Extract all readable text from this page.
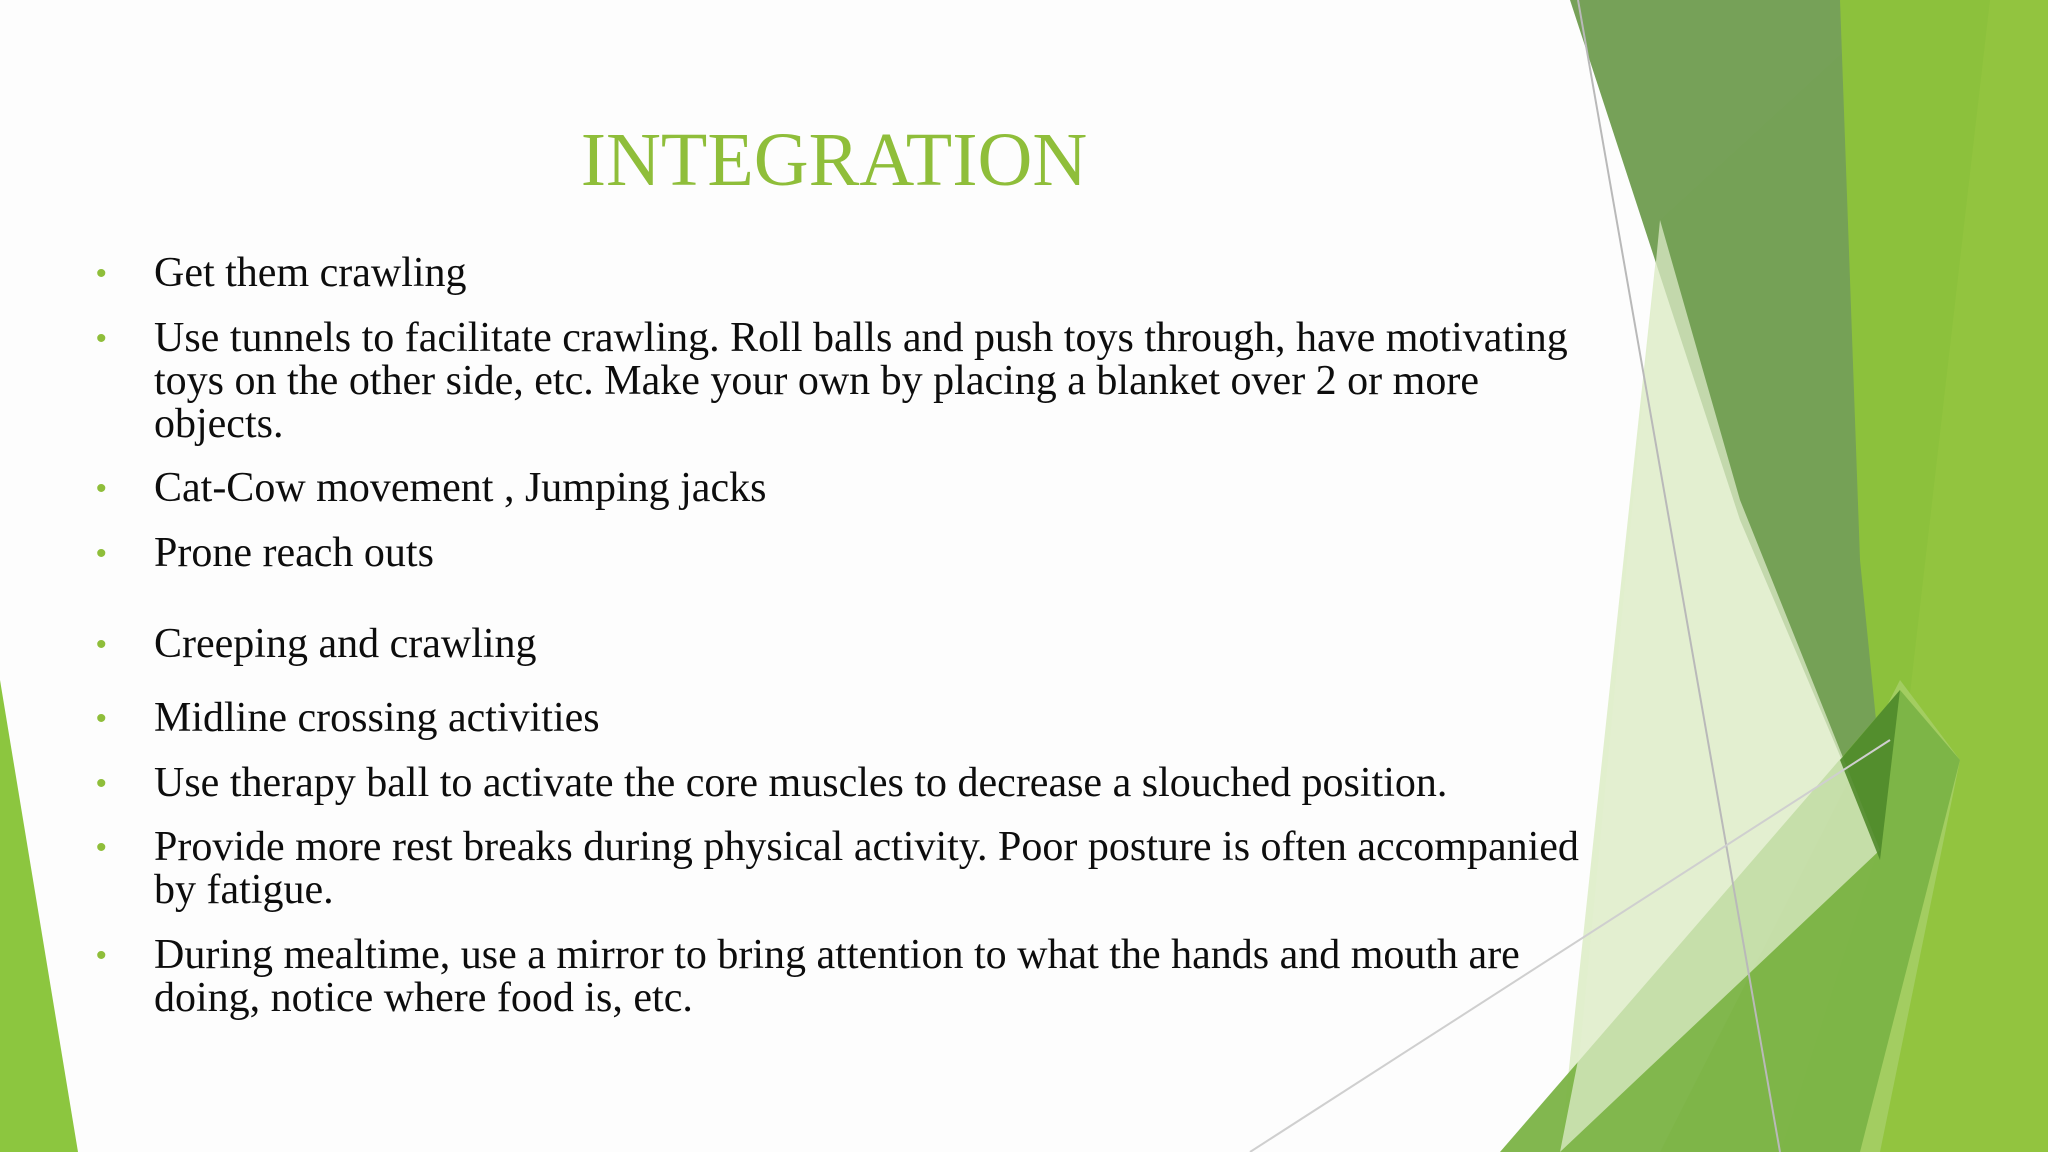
INTEGRATION
• Get them crawling
• Use tunnels to facilitate crawling. Roll balls and push toys through, have motivating toys on the other side, etc. Make your own by placing a blanket over 2 or more objects.
• Cat-Cow movement , Jumping jacks
• Prone reach outs
• Creeping and crawling
• Midline crossing activities
• Use therapy ball to activate the core muscles to decrease a slouched position.
• Provide more rest breaks during physical activity. Poor posture is often accompanied by fatigue.
• During mealtime, use a mirror to bring attention to what the hands and mouth are doing, notice where food is, etc.
